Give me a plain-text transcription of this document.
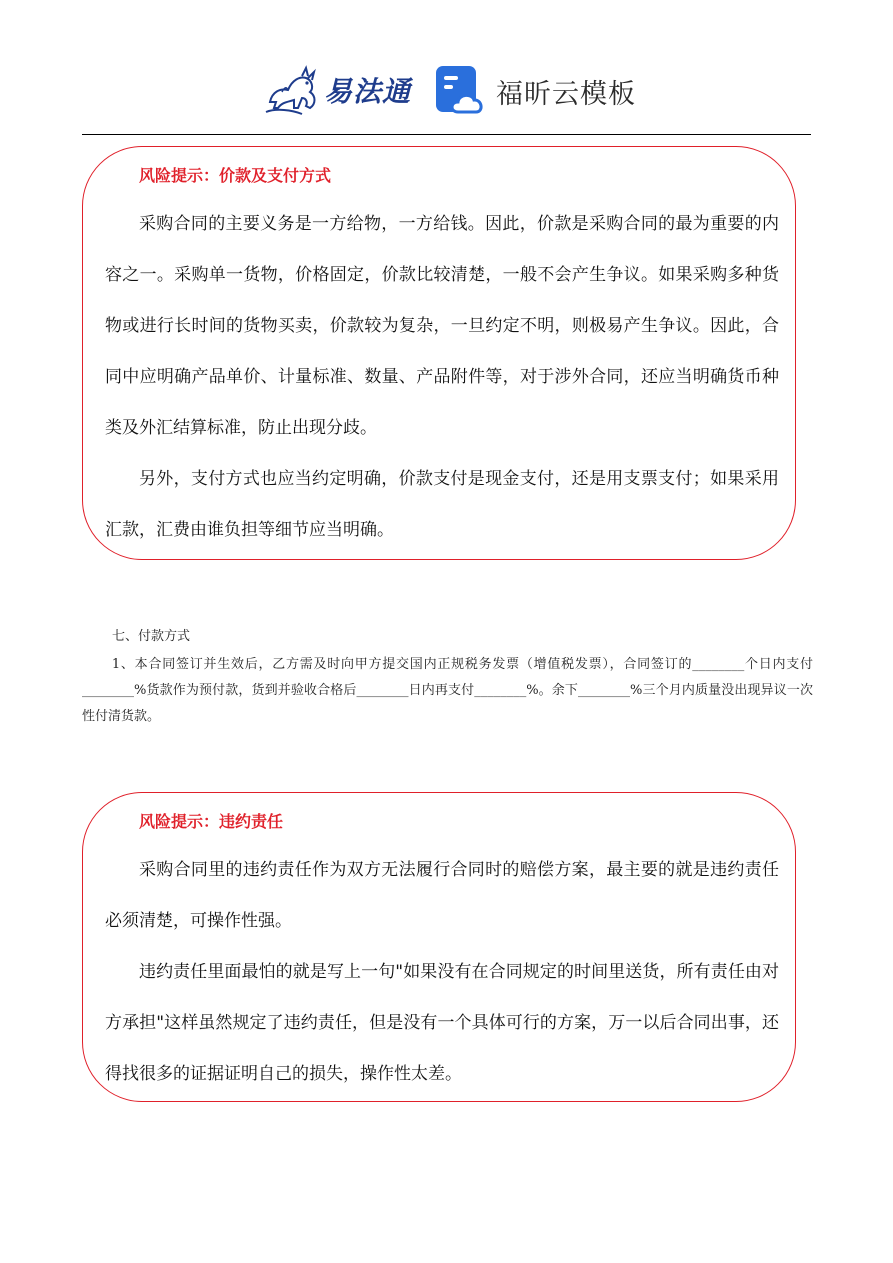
易法通	福昕云模板
风险提示：价款及支付方式

采购合同的主要义务是一方给物，一方给钱。因此，价款是采购合同的最为重要的内容之一。采购单一货物，价格固定，价款比较清楚，一般不会产生争议。如果采购多种货物或进行长时间的货物买卖，价款较为复杂，一旦约定不明，则极易产生争议。因此，合同中应明确产品单价、计量标准、数量、产品附件等，对于涉外合同，还应当明确货币种类及外汇结算标准，防止出现分歧。

另外，支付方式也应当约定明确，价款支付是现金支付，还是用支票支付；如果采用汇款，汇费由谁负担等细节应当明确。

七、付款方式

1、本合同签订并生效后，乙方需及时向甲方提交国内正规税务发票（增值税发票），合同签订的________个日内支付________%货款作为预付款，货到并验收合格后________日内再支付________%。余下________%三个月内质量没出现异议一次性付清货款。

风险提示：违约责任

采购合同里的违约责任作为双方无法履行合同时的赔偿方案，最主要的就是违约责任必须清楚，可操作性强。

违约责任里面最怕的就是写上一句"如果没有在合同规定的时间里送货，所有责任由对方承担"这样虽然规定了违约责任，但是没有一个具体可行的方案，万一以后合同出事，还得找很多的证据证明自己的损失，操作性太差。
